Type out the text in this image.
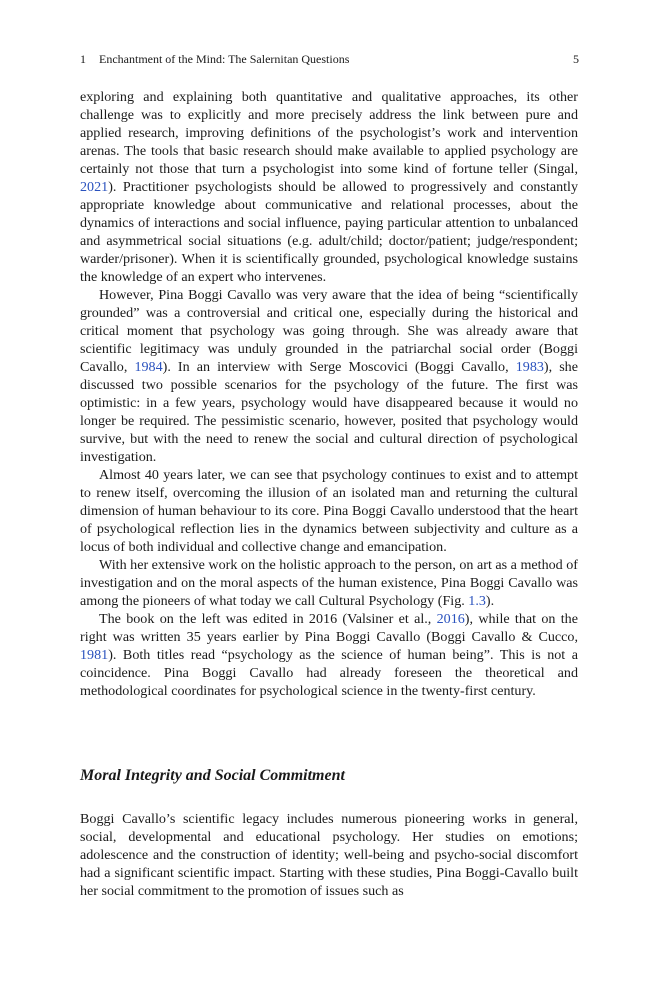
1 Enchantment of the Mind: The Salernitan Questions	5

exploring and explaining both quantitative and qualitative approaches, its other challenge was to explicitly and more precisely address the link between pure and applied research, improving definitions of the psychologist’s work and intervention arenas. The tools that basic research should make available to applied psychology are certainly not those that turn a psychologist into some kind of fortune teller (Singal, 2021). Practitioner psychologists should be allowed to progressively and constantly appropriate knowledge about communicative and relational processes, about the dynamics of interactions and social influence, paying particular attention to unbalanced and asymmetrical social situations (e.g. adult/child; doctor/patient; judge/respondent; warder/prisoner). When it is scientifically grounded, psychological knowledge sustains the knowledge of an expert who intervenes.

However, Pina Boggi Cavallo was very aware that the idea of being “scientifically grounded” was a controversial and critical one, especially during the historical and critical moment that psychology was going through. She was already aware that scientific legitimacy was unduly grounded in the patriarchal social order (Boggi Cavallo, 1984). In an interview with Serge Moscovici (Boggi Cavallo, 1983), she discussed two possible scenarios for the psychology of the future. The first was optimistic: in a few years, psychology would have disappeared because it would no longer be required. The pessimistic scenario, however, posited that psychology would survive, but with the need to renew the social and cultural direction of psychological investigation.

Almost 40 years later, we can see that psychology continues to exist and to attempt to renew itself, overcoming the illusion of an isolated man and returning the cultural dimension of human behaviour to its core. Pina Boggi Cavallo understood that the heart of psychological reflection lies in the dynamics between subjectivity and culture as a locus of both individual and collective change and emancipation.

With her extensive work on the holistic approach to the person, on art as a method of investigation and on the moral aspects of the human existence, Pina Boggi Cavallo was among the pioneers of what today we call Cultural Psychology (Fig. 1.3).

The book on the left was edited in 2016 (Valsiner et al., 2016), while that on the right was written 35 years earlier by Pina Boggi Cavallo (Boggi Cavallo & Cucco, 1981). Both titles read “psychology as the science of human being”. This is not a coincidence. Pina Boggi Cavallo had already foreseen the theoretical and methodological coordinates for psychological science in the twenty-first century.

Moral Integrity and Social Commitment

Boggi Cavallo’s scientific legacy includes numerous pioneering works in general, social, developmental and educational psychology. Her studies on emotions; adolescence and the construction of identity; well-being and psycho-social discomfort had a significant scientific impact. Starting with these studies, Pina Boggi-Cavallo built her social commitment to the promotion of issues such as
